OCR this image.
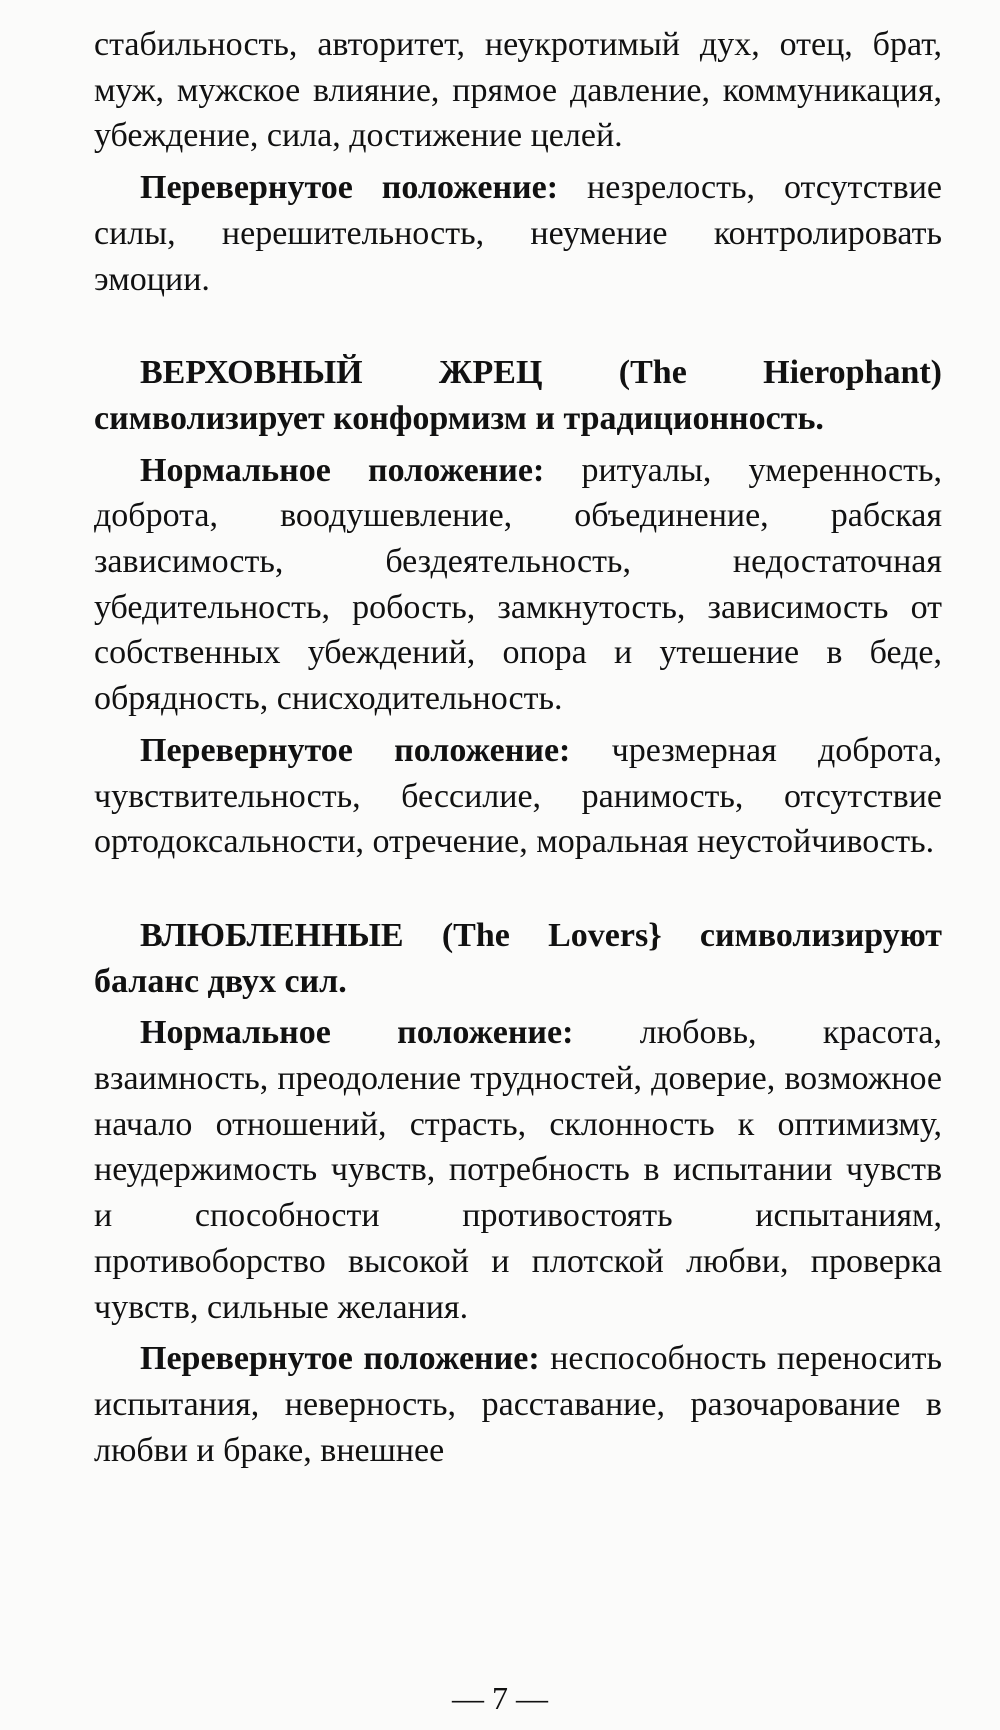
стабильность, авторитет, неукротимый дух, отец, брат, муж, мужское влияние, прямое давление, коммуникация, убеждение, сила, достижение целей.

Перевернутое положение: незрелость, отсутствие силы, нерешительность, неумение контролировать эмоции.

ВЕРХОВНЫЙ ЖРЕЦ (The Hierophant) символизирует конформизм и традиционность.

Нормальное положение: ритуалы, умеренность, доброта, воодушевление, объединение, рабская зависимость, бездеятельность, недостаточная убедительность, робость, замкнутость, зависимость от собственных убеждений, опора и утешение в беде, обрядность, снисходительность.

Перевернутое положение: чрезмерная доброта, чувствительность, бессилие, ранимость, отсутствие ортодоксальности, отречение, моральная неустойчивость.

ВЛЮБЛЕННЫЕ (The Lovers} символизируют баланс двух сил.

Нормальное положение: любовь, красота, взаимность, преодоление трудностей, доверие, возможное начало отношений, страсть, склонность к оптимизму, неудержимость чувств, потребность в испытании чувств и способности противостоять испытаниям, противоборство высокой и плотской любви, проверка чувств, сильные желания.

Перевернутое положение: неспособность переносить испытания, неверность, расставание, разочарование в любви и браке, внешнее

— 7 —
